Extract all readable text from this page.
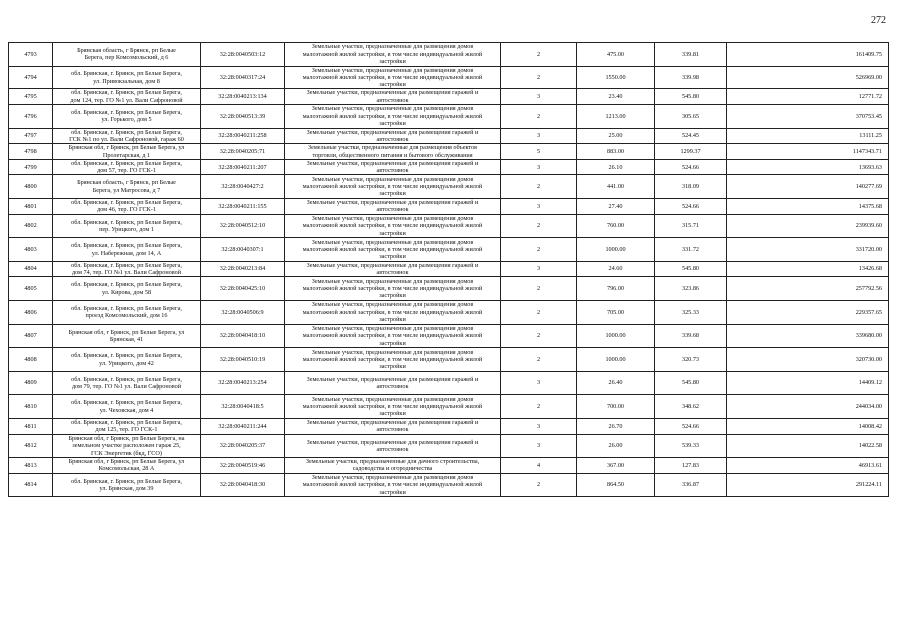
272
4793	Брянская область, г Брянск, рп Белые
Берега, пер Комсомольский, д 6	32:28:0040503:12	Земельные участки, предназначенные для размещения домов
малоэтажной жилой застройки, в том числе индивидуальной жилой
застройки	2	475.00	339.81	161409.75
4794	обл. Брянская, г. Брянск, рп Белые Берега,
ул. Привокзальная, дом 8	32:28:0040317:24	Земельные участки, предназначенные для размещения домов
малоэтажной жилой застройки, в том числе индивидуальной жилой
застройки	2	1550.00	339.98	526969.00
4795	обл. Брянская, г. Брянск, рп Белые Берега,
дом 124, тер. ГО №1 ул. Вали Сафроновой	32:28:0040213:134	Земельные участки, предназначенные для размещения гаражей и
автостоянок	3	23.40	545.80	12771.72
4796	обл. Брянская, г. Брянск, рп Белые Берега,
ул. Горького, дом 5	32:28:0040513:39	Земельные участки, предназначенные для размещения домов
малоэтажной жилой застройки, в том числе индивидуальной жилой
застройки	2	1213.00	305.65	370753.45
4797	обл. Брянская, г. Брянск, рп Белые Берега,
ГСК №1 по ул. Вали Сафроновой, гараж 60	32:28:0040211:258	Земельные участки, предназначенные для размещения гаражей и
автостоянок	3	25.00	524.45	13111.25
4798	Брянская обл, г Брянск, рп Белые Берега, ул
Пролетарская, д 1	32:28:0040205:71	Земельные участки, предназначенные для размещения объектов
торговли, общественного питания и бытового обслуживания	5	883.00	1299.37	1147343.71
4799	обл. Брянская, г. Брянск, рп Белые Берега,
дом 57, тер. ГО ГСК-1	32:28:0040211:207	Земельные участки, предназначенные для размещения гаражей и
автостоянок	3	26.10	524.66	13693.63
4800	Брянская область, г Брянск, рп Белые
Берега, ул Матросова, д 7	32:28:0040427:2	Земельные участки, предназначенные для размещения домов
малоэтажной жилой застройки, в том числе индивидуальной жилой
застройки	2	441.00	318.09	140277.69
4801	обл. Брянская, г. Брянск, рп Белые Берега,
дом 46, тер. ГО ГСК-1	32:28:0040211:155	Земельные участки, предназначенные для размещения гаражей и
автостоянок	3	27.40	524.66	14375.68
4802	обл. Брянская, г. Брянск, рп Белые Берега,
пер. Урицкого, дом 1	32:28:0040512:10	Земельные участки, предназначенные для размещения домов
малоэтажной жилой застройки, в том числе индивидуальной жилой
застройки	2	760.00	315.71	239939.60
4803	обл. Брянская, г. Брянск, рп Белые Берега,
ул. Набережная, дом 14, А	32:28:0040307:1	Земельные участки, предназначенные для размещения домов
малоэтажной жилой застройки, в том числе индивидуальной жилой
застройки	2	1000.00	331.72	331720.00
4804	обл. Брянская, г. Брянск, рп Белые Берега,
дом 74, тер. ГО №1 ул. Вали Сафроновой	32:28:0040213:84	Земельные участки, предназначенные для размещения гаражей и
автостоянок	3	24.60	545.80	13426.68
4805	обл. Брянская, г. Брянск, рп Белые Берега,
ул. Кирова, дом 58	32:28:0040425:10	Земельные участки, предназначенные для размещения домов
малоэтажной жилой застройки, в том числе индивидуальной жилой
застройки	2	796.00	323.86	257792.56
4806	обл. Брянская, г. Брянск, рп Белые Берега,
проезд Комсомольский, дом 16	32:28:0040506:9	Земельные участки, предназначенные для размещения домов
малоэтажной жилой застройки, в том числе индивидуальной жилой
застройки	2	705.00	325.33	229357.65
4807	Брянская обл, г Брянск, рп Белые Берега, ул
Брянская, 41	32:28:0040418:10	Земельные участки, предназначенные для размещения домов
малоэтажной жилой застройки, в том числе индивидуальной жилой
застройки	2	1000.00	339.68	339680.00
4808	обл. Брянская, г. Брянск, рп Белые Берега,
ул. Урицкого, дом 42	32:28:0040510:19	Земельные участки, предназначенные для размещения домов
малоэтажной жилой застройки, в том числе индивидуальной жилой
застройки	2	1000.00	320.73	320730.00
4809	обл. Брянская, г. Брянск, рп Белые Берега,
дом 79, тер. ГО №1 ул. Вали Сафроновой	32:28:0040213:254	Земельные участки, предназначенные для размещения гаражей и
автостоянок	3	26.40	545.80	14409.12
4810	обл. Брянская, г. Брянск, рп Белые Берега,
ул. Чеховская, дом 4	32:28:0040418:5	Земельные участки, предназначенные для размещения домов
малоэтажной жилой застройки, в том числе индивидуальной жилой
застройки	2	700.00	348.62	244034.00
4811	обл. Брянская, г. Брянск, рп Белые Берега,
дом 125, тер. ГО ГСК-1	32:28:0040211:244	Земельные участки, предназначенные для размещения гаражей и
автостоянок	3	26.70	524.66	14008.42
4812	Брянская обл, г Брянск, рп Белые Берега, на
земельном участке расположен гараж 25,
ГСК Энергетик (бкд, ГСО)	32:28:0040205:37	Земельные участки, предназначенные для размещения гаражей и
автостоянок	3	26.00	539.33	14022.58
4813	Брянская обл, г Брянск, рп Белые Берега, ул
Комсомольская, 28 А	32:28:0040519:46	Земельные участки, предназначенные для дачного строительства,
садоводства и огородничества	4	367.00	127.83	46913.61
4814	обл. Брянская, г. Брянск, рп Белые Берега,
ул. Брянская, дом 39	32:28:0040418:30	Земельные участки, предназначенные для размещения домов
малоэтажной жилой застройки, в том числе индивидуальной жилой
застройки	2	864.50	336.87	291224.11
